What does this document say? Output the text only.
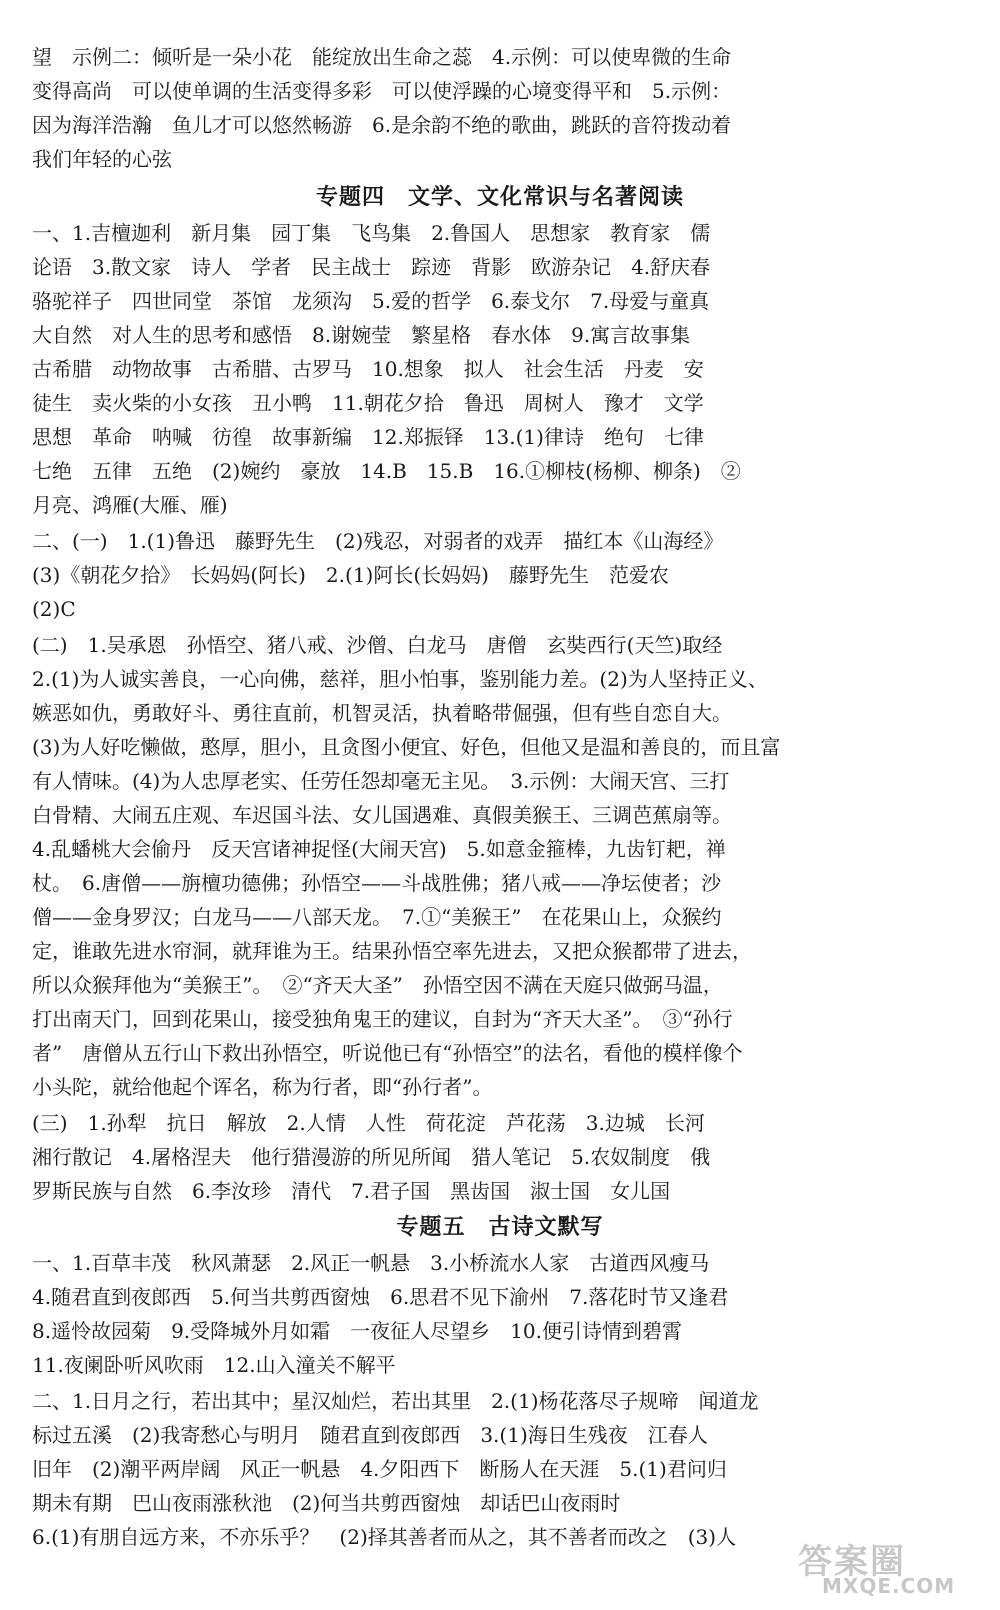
望　示例二：倾听是一朵小花　能绽放出生命之蕊　4.示例：可以使卑微的生命
变得高尚　可以使单调的生活变得多彩　可以使浮躁的心境变得平和　5.示例：
因为海洋浩瀚　鱼儿才可以悠然畅游　6.是余韵不绝的歌曲，跳跃的音符拨动着
我们年轻的心弦
专题四　文学、文化常识与名著阅读
一、1.吉檀迦利　新月集　园丁集　飞鸟集　2.鲁国人　思想家　教育家　儒
论语　3.散文家　诗人　学者　民主战士　踪迹　背影　欧游杂记　4.舒庆春
骆驼祥子　四世同堂　茶馆　龙须沟　5.爱的哲学　6.泰戈尔　7.母爱与童真
大自然　对人生的思考和感悟　8.谢婉莹　繁星格　春水体　9.寓言故事集
古希腊　动物故事　古希腊、古罗马　10.想象　拟人　社会生活　丹麦　安
徒生　卖火柴的小女孩　丑小鸭　11.朝花夕拾　鲁迅　周树人　豫才　文学
思想　革命　呐喊　彷徨　故事新编　12.郑振铎　13.(1)律诗　绝句　七律
七绝　五律　五绝　(2)婉约　豪放　14.B　15.B　16.①柳枝(杨柳、柳条)　②
月亮、鸿雁(大雁、雁)
二、(一)　1.(1)鲁迅　藤野先生　(2)残忍，对弱者的戏弄　描红本《山海经》
(3)《朝花夕拾》　长妈妈(阿长)　2.(1)阿长(长妈妈)　藤野先生　范爱农
(2)C
(二)　1.吴承恩　孙悟空、猪八戒、沙僧、白龙马　唐僧　玄奘西行(天竺)取经
2.(1)为人诚实善良，一心向佛，慈祥，胆小怕事，鉴别能力差。(2)为人坚持正义、
嫉恶如仇，勇敢好斗、勇往直前，机智灵活，执着略带倔强，但有些自恋自大。
(3)为人好吃懒做，憨厚，胆小，且贪图小便宜、好色，但他又是温和善良的，而且富
有人情味。(4)为人忠厚老实、任劳任怨却毫无主见。　3.示例：大闹天宫、三打
白骨精、大闹五庄观、车迟国斗法、女儿国遇难、真假美猴王、三调芭蕉扇等。
4.乱蟠桃大会偷丹　反天宫诸神捉怪(大闹天宫)　5.如意金箍棒，九齿钉耙，禅
杖。　6.唐僧——旃檀功德佛；孙悟空——斗战胜佛；猪八戒——净坛使者；沙
僧——金身罗汉；白龙马——八部天龙。　7.①“美猴王”　在花果山上，众猴约
定，谁敢先进水帘洞，就拜谁为王。结果孙悟空率先进去，又把众猴都带了进去，
所以众猴拜他为“美猴王”。　②“齐天大圣”　孙悟空因不满在天庭只做弼马温，
打出南天门，回到花果山，接受独角鬼王的建议，自封为“齐天大圣”。　③“孙行
者”　唐僧从五行山下救出孙悟空，听说他已有“孙悟空”的法名，看他的模样像个
小头陀，就给他起个诨名，称为行者，即“孙行者”。
(三)　1.孙犁　抗日　解放　2.人情　人性　荷花淀　芦花荡　3.边城　长河
湘行散记　4.屠格涅夫　他行猎漫游的所见所闻　猎人笔记　5.农奴制度　俄
罗斯民族与自然　6.李汝珍　清代　7.君子国　黑齿国　淑士国　女儿国
专题五　古诗文默写
一、1.百草丰茂　秋风萧瑟　2.风正一帆悬　3.小桥流水人家　古道西风瘦马
4.随君直到夜郎西　5.何当共剪西窗烛　6.思君不见下渝州　7.落花时节又逢君
8.遥怜故园菊　9.受降城外月如霜　一夜征人尽望乡　10.便引诗情到碧霄
11.夜阑卧听风吹雨　12.山入潼关不解平
二、1.日月之行，若出其中；星汉灿烂，若出其里　2.(1)杨花落尽子规啼　闻道龙
标过五溪　(2)我寄愁心与明月　随君直到夜郎西　3.(1)海日生残夜　江春人
旧年　(2)潮平两岸阔　风正一帆悬　4.夕阳西下　断肠人在天涯　5.(1)君问归
期未有期　巴山夜雨涨秋池　(2)何当共剪西窗烛　却话巴山夜雨时
6.(1)有朋自远方来，不亦乐乎？　(2)择其善者而从之，其不善者而改之　(3)人
答案圈
MXQE.COM
